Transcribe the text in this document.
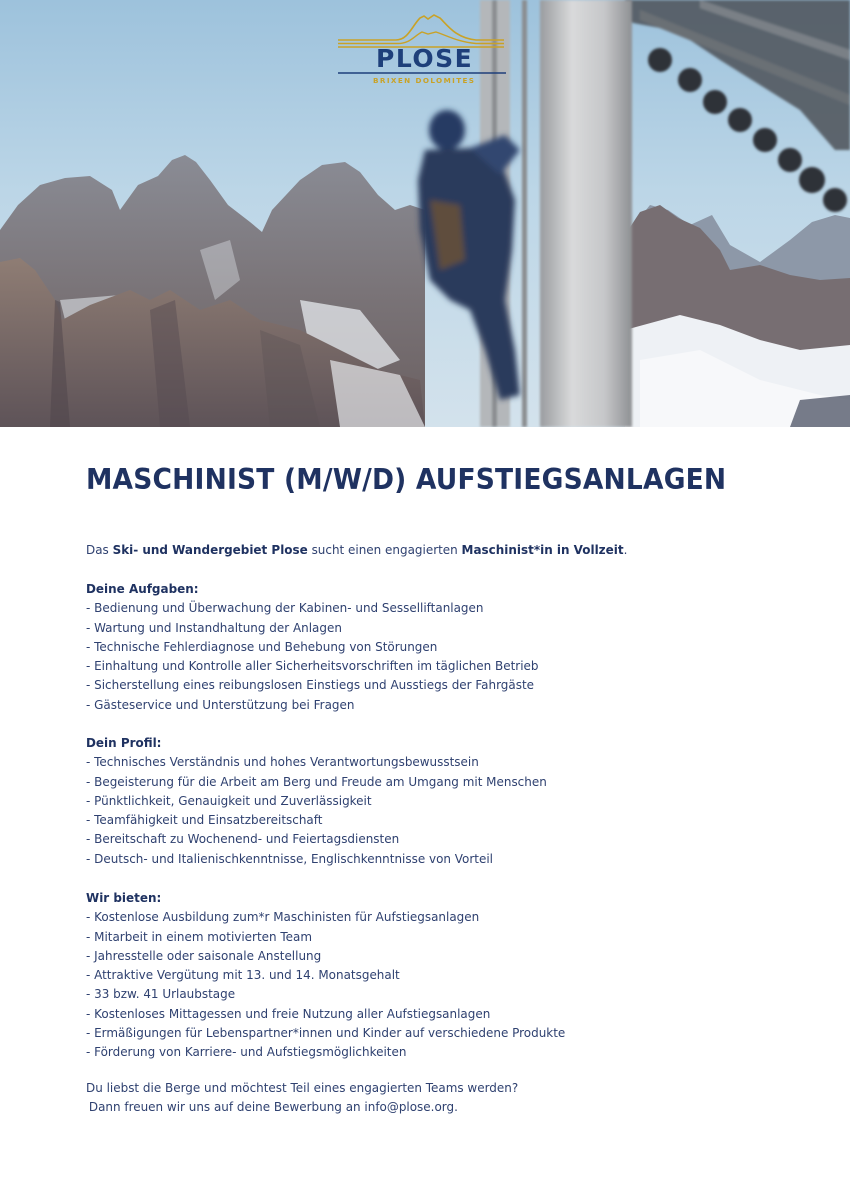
PLOSE
BRIXEN DOLOMITES
MASCHINIST (M/W/D) AUFSTIEGSANLAGEN

Das Ski- und Wandergebiet Plose sucht einen engagierten Maschinist*in in Vollzeit.

Deine Aufgaben:
- Bedienung und Überwachung der Kabinen- und Sesselliftanlagen
- Wartung und Instandhaltung der Anlagen
- Technische Fehlerdiagnose und Behebung von Störungen
- Einhaltung und Kontrolle aller Sicherheitsvorschriften im täglichen Betrieb
- Sicherstellung eines reibungslosen Einstiegs und Ausstiegs der Fahrgäste
- Gästeservice und Unterstützung bei Fragen
Dein Profil:
- Technisches Verständnis und hohes Verantwortungsbewusstsein
- Begeisterung für die Arbeit am Berg und Freude am Umgang mit Menschen
- Pünktlichkeit, Genauigkeit und Zuverlässigkeit
- Teamfähigkeit und Einsatzbereitschaft
- Bereitschaft zu Wochenend- und Feiertagsdiensten
- Deutsch- und Italienischkenntnisse, Englischkenntnisse von Vorteil
Wir bieten:
- Kostenlose Ausbildung zum*r Maschinisten für Aufstiegsanlagen
- Mitarbeit in einem motivierten Team
- Jahresstelle oder saisonale Anstellung
- Attraktive Vergütung mit 13. und 14. Monatsgehalt
- 33 bzw. 41 Urlaubstage
- Kostenloses Mittagessen und freie Nutzung aller Aufstiegsanlagen
- Ermäßigungen für Lebenspartner*innen und Kinder auf verschiedene Produkte
- Förderung von Karriere- und Aufstiegsmöglichkeiten
Du liebst die Berge und möchtest Teil eines engagierten Teams werden?
Dann freuen wir uns auf deine Bewerbung an info@plose.org.
